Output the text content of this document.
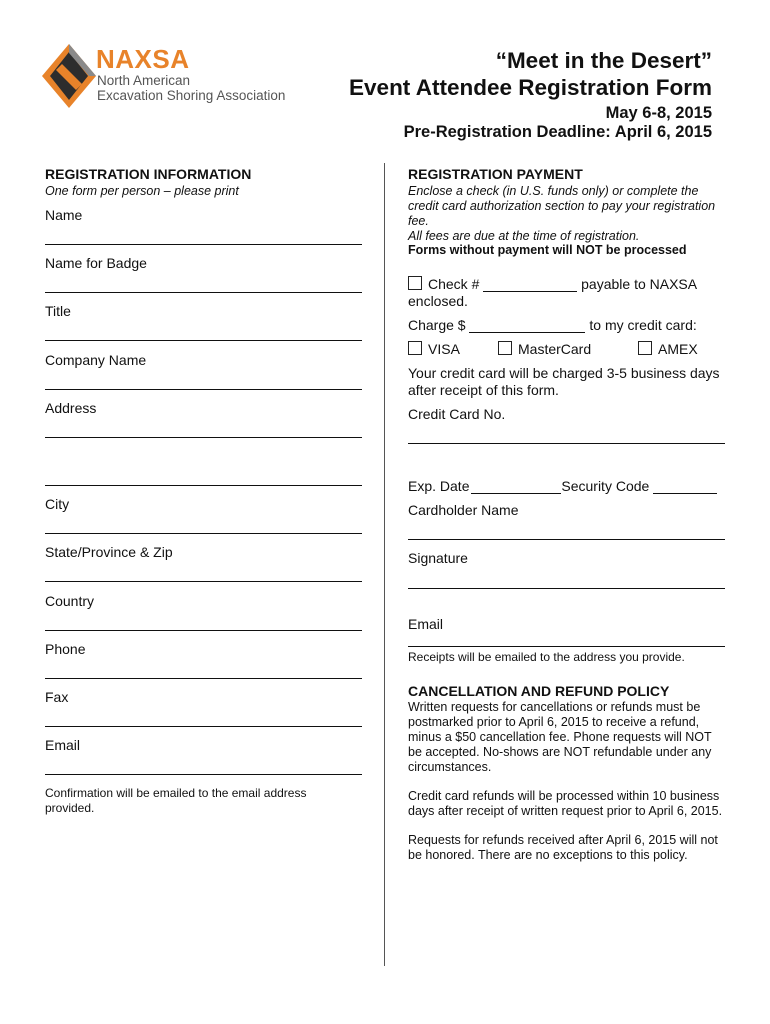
NAXSA
North American
Excavation Shoring Association
“Meet in the Desert”
Event Attendee Registration Form
May 6-8, 2015
Pre-Registration Deadline: April 6, 2015
REGISTRATION INFORMATION
One form per person – please print
Name
Name for Badge
Title
Company Name
Address
City
State/Province & Zip
Country
Phone
Fax
Email
Confirmation will be emailed to the email address
provided.
REGISTRATION PAYMENT
Enclose a check (in U.S. funds only) or complete the
credit card authorization section to pay your registration
fee.
All fees are due at the time of registration.
Forms without payment will NOT be processed
Check #	payable to NAXSA
enclosed.
Charge $	to my credit card:
VISA	MasterCard	AMEX
Your credit card will be charged 3-5 business days
after receipt of this form.
Credit Card No.
Exp. Date	Security Code
Cardholder Name
Signature
Email
Receipts will be emailed to the address you provide.
CANCELLATION AND REFUND POLICY
Written requests for cancellations or refunds must be
postmarked prior to April 6, 2015 to receive a refund,
minus a $50 cancellation fee. Phone requests will NOT
be accepted. No-shows are NOT refundable under any
circumstances.
Credit card refunds will be processed within 10 business
days after receipt of written request prior to April 6, 2015.
Requests for refunds received after April 6, 2015 will not
be honored. There are no exceptions to this policy.
